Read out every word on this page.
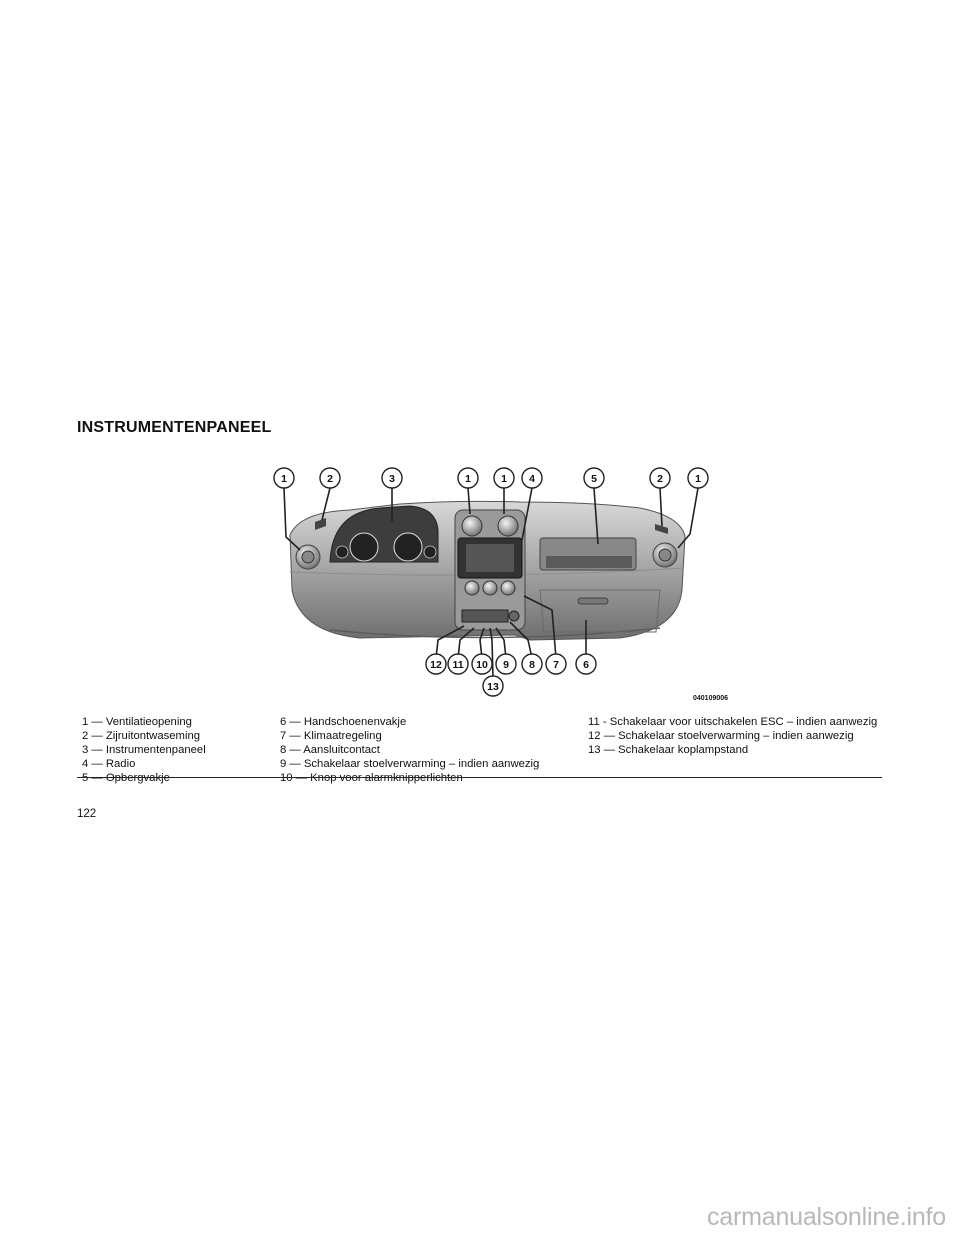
INSTRUMENTENPANEEL
1	2	3	1	1 4	5	2	1
12 11 10 9 8 7 6
13
040109006
1 — Ventilatieopening
2 — Zijruitontwaseming
3 — Instrumentenpaneel
4 — Radio
5 — Opbergvakje
6 — Handschoenenvakje
7 — Klimaatregeling
8 — Aansluitcontact
9 — Schakelaar stoelverwarming – indien aanwezig
10 — Knop voor alarmknipperlichten
11 - Schakelaar voor uitschakelen ESC – indien aanwezig
12 — Schakelaar stoelverwarming – indien aanwezig
13 — Schakelaar koplampstand
122
carmanualsonline.info
